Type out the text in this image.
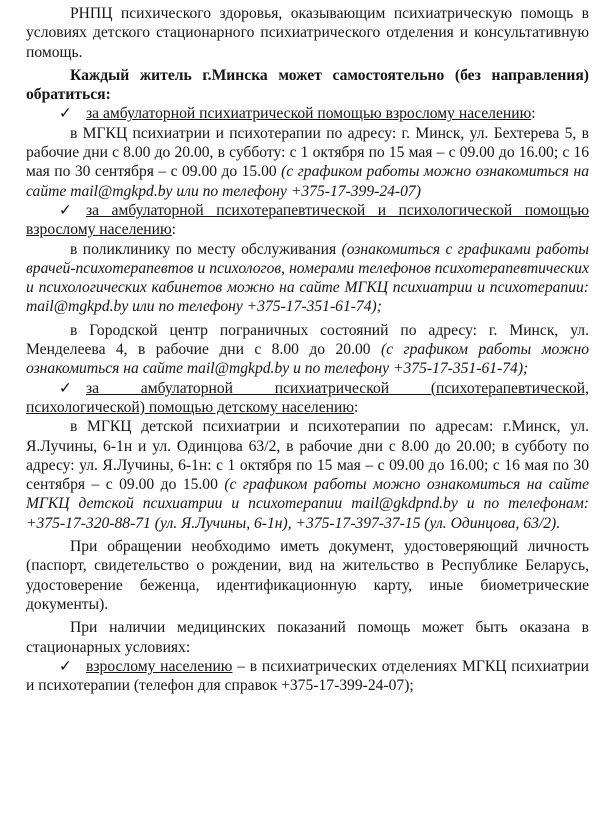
РНПЦ психического здоровья, оказывающим психиатрическую помощь в условиях детского стационарного психиатрического отделения и консультативную помощь.

Каждый житель г.Минска может самостоятельно (без направления) обратиться:

✓ за амбулаторной психиатрической помощью взрослому населению:

в МГКЦ психиатрии и психотерапии по адресу: г. Минск, ул. Бехтерева 5, в рабочие дни с 8.00 до 20.00, в субботу: с 1 октября по 15 мая – с 09.00 до 16.00; с 16 мая по 30 сентября – с 09.00 до 15.00 (с графиком работы можно ознакомиться на сайте mail@mgkpd.by или по телефону +375-17-399-24-07)

✓ за амбулаторной психотерапевтической и психологической помощью взрослому населению:

в поликлинику по месту обслуживания (ознакомиться с графиками работы врачей-психотерапевтов и психологов, номерами телефонов психотерапевтических и психологических кабинетов можно на сайте МГКЦ психиатрии и психотерапии: mail@mgkpd.by или по телефону +375-17-351-61-74);

в Городской центр пограничных состояний по адресу: г. Минск, ул. Менделеева 4, в рабочие дни с 8.00 до 20.00 (с графиком работы можно ознакомиться на сайте mail@mgkpd.by и по телефону +375-17-351-61-74);

✓ за амбулаторной психиатрической (психотерапевтической, психологической) помощью детскому населению:

в МГКЦ детской психиатрии и психотерапии по адресам: г.Минск, ул. Я.Лучины, 6-1н и ул. Одинцова 63/2, в рабочие дни с 8.00 до 20.00; в субботу по адресу: ул. Я.Лучины, 6-1н: с 1 октября по 15 мая – с 09.00 до 16.00; с 16 мая по 30 сентября – с 09.00 до 15.00 (с графиком работы можно ознакомиться на сайте МГКЦ детской психиатрии и психотерапии mail@gkdpnd.by и по телефонам: +375-17-320-88-71 (ул. Я.Лучины, 6-1н), +375-17-397-37-15 (ул. Одинцова, 63/2).

При обращении необходимо иметь документ, удостоверяющий личность (паспорт, свидетельство о рождении, вид на жительство в Республике Беларусь, удостоверение беженца, идентификационную карту, иные биометрические документы).

При наличии медицинских показаний помощь может быть оказана в стационарных условиях:

✓ взрослому населению – в психиатрических отделениях МГКЦ психиатрии и психотерапии (телефон для справок +375-17-399-24-07);
